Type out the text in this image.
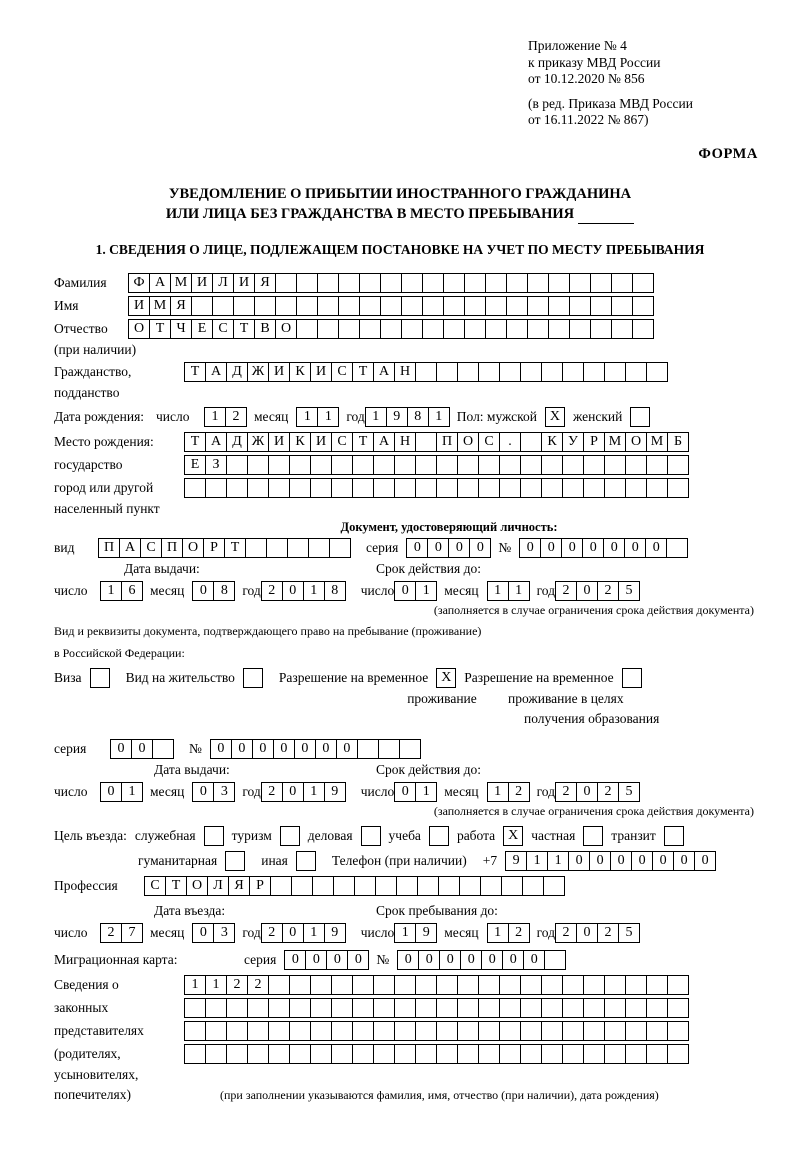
Приложение № 4
к приказу МВД России
от 10.12.2020 № 856
(в ред. Приказа МВД России
от 16.11.2022 № 867)
ФОРМА
УВЕДОМЛЕНИЕ О ПРИБЫТИИ ИНОСТРАННОГО ГРАЖДАНИНА
ИЛИ ЛИЦА БЕЗ ГРАЖДАНСТВА В МЕСТО ПРЕБЫВАНИЯ
1. СВЕДЕНИЯ О ЛИЦЕ, ПОДЛЕЖАЩЕМ ПОСТАНОВКЕ НА УЧЕТ ПО МЕСТУ ПРЕБЫВАНИЯ
Фамилия	Ф А М И Л И Я
Имя	И М Я
Отчество	О Т Ч Е С Т В О
(при наличии)
Гражданство,	Т А Д Ж И К И С Т А Н
подданство
Дата рождения: число	1	2	месяц	1	1	год 1	9	8	1	Пол: мужской X женский
Место рождения:	Т А Д Ж И К И С Т А Н	П О С	.	К У Р М О М Б
государство	Е З
город или другой
населенный пункт
Документ, удостоверяющий личность:
вид	П А С П О Р Т	серия	0	0	0	0	№	0	0	0	0	0	0	0
Дата выдачи:	Срок действия до:
число	1	6	месяц	0	8	год 2	0	1	8	число 0	1	месяц	1	1	год 2	0	2	5
(заполняется в случае ограничения срока действия документа)
Вид и реквизиты документа, подтверждающего право на пребывание (проживание)
в Российской Федерации:
Виза	Вид на жительство	Разрешение на временное X Разрешение на временное
проживание	проживание в целях
получения образования
серия	0	0	№	0	0	0	0	0	0	0
Дата выдачи:	Срок действия до:
число	0	1	месяц	0	3	год 2	0	1	9	число 0	1	месяц	1	2	год 2	0	2	5
(заполняется в случае ограничения срока действия документа)
Цель въезда: служебная	туризм	деловая	учеба	работа X частная	транзит
гуманитарная	иная	Телефон (при наличии) +7	9	1	1	0	0	0	0	0	0	0
Профессия	С Т О Л Я Р
Дата въезда:	Срок пребывания до:
число	2	7	месяц	0	3	год 2	0	1	9	число 1	9	месяц	1	2	год 2	0	2	5
Миграционная карта:	серия	0	0	0	0	№	0	0	0	0	0	0	0
Сведения о	1	1	2	2
законных
представителях
(родителях,
усыновителях,
попечителях)	(при заполнении указываются фамилия, имя, отчество (при наличии), дата рождения)
